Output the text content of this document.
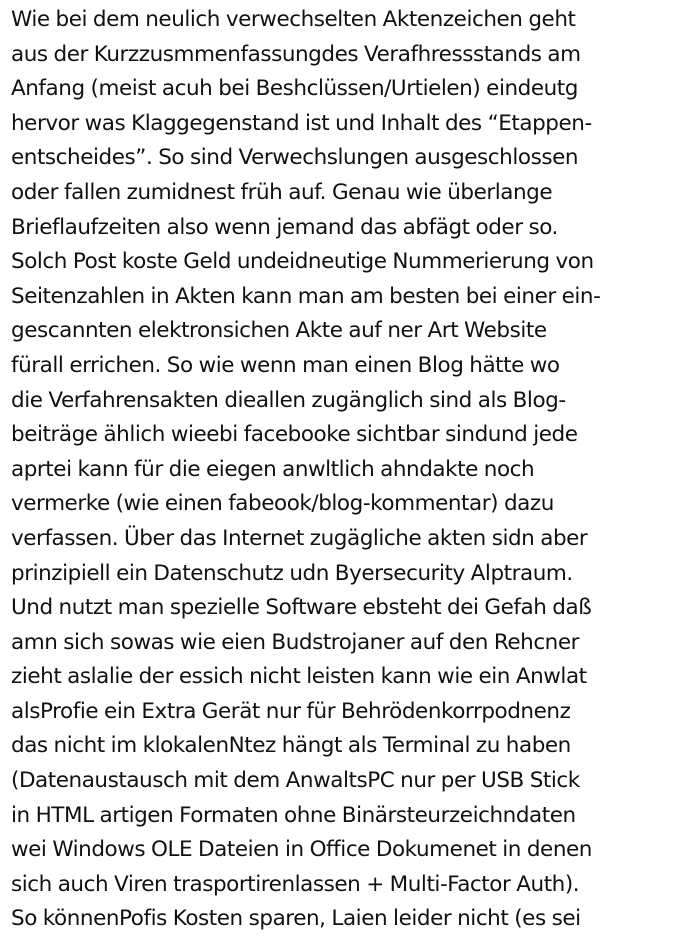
Wie bei dem neulich verwechselten Aktenzeichen geht
aus der Kurzzusmmenfassungdes Verafhressstands am
Anfang (meist acuh bei Beshclüssen/Urtielen) eindeutg
hervor was Klaggegenstand ist und Inhalt des “Etappen-
entscheides”. So sind Verwechslungen ausgeschlossen
oder fallen zumidnest früh auf. Genau wie überlange
Brieflaufzeiten also wenn jemand das abfägt oder so.
Solch Post koste Geld undeidneutige Nummerierung von
Seitenzahlen in Akten kann man am besten bei einer ein-
gescannten elektronsichen Akte auf ner Art Website
fürall errichen. So wie wenn man einen Blog hätte wo
die Verfahrensakten dieallen zugänglich sind als Blog-
beiträge ählich wieebi facebooke sichtbar sindund jede
aprtei kann für die eiegen anwltlich ahndakte noch
vermerke (wie einen fabeook/blog-kommentar) dazu
verfassen. Über das Internet zugägliche akten sidn aber
prinzipiell ein Datenschutz udn Byersecurity Alptraum.
Und nutzt man speziellе Software ebsteht dei Gefah daß
amn sich sowas wie eien Budstrojaner auf den Rehcner
zieht aslalie der essich nicht leisten kann wie ein Anwlat
alsProfie ein Extra Gerät nur für Behrödenkorrpodnenz
das nicht im klokalenNtez hängt als Terminal zu haben
(Datenaustausch mit dem AnwaltsPC nur per USB Stick
in HTML artigen Formaten ohne Binärsteurzeichndaten
wei Windows OLE Dateien in Office Dokumenet in denen
sich auch Viren trasportirenlassen + Multi-Factor Auth).
So könnenPofis Kosten sparen, Laien leider nicht (es sei
